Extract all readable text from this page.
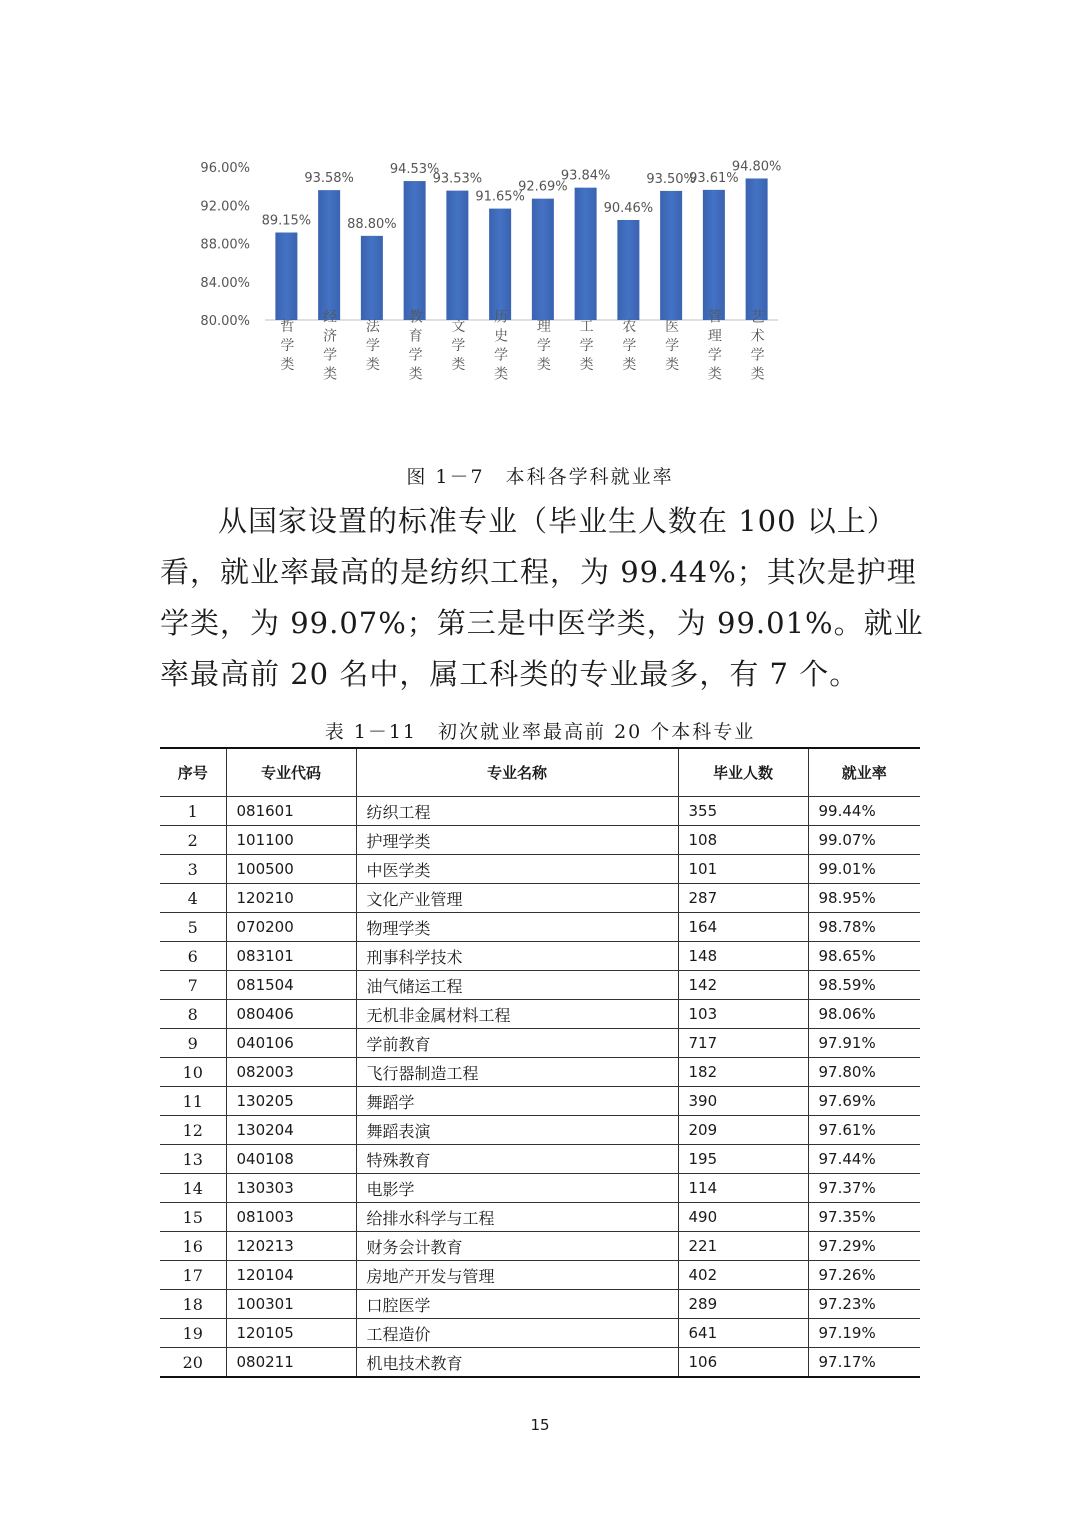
80.00%
84.00%
88.00%
92.00%
96.00%
89.15%
哲学类
93.58%
经济学类
88.80%
法学类
94.53%
教育学类
93.53%
文学类
91.65%
历史学类
92.69%
理学类
93.84%
工学类
90.46%
农学类
93.50%
医学类
93.61%
管理学类
94.80%
艺术学类
图 1－7　本科各学科就业率

从国家设置的标准专业（毕业生人数在 100 以上）看，就业率最高的是纺织工程，为 99.44%；其次是护理学类，为 99.07%；第三是中医学类，为 99.01%。就业率最高前 20 名中，属工科类的专业最多，有 7 个。

表 1－11　初次就业率最高前 20 个本科专业
序号	专业代码	专业名称	毕业人数	就业率
1	081601	纺织工程	355	99.44%
2	101100	护理学类	108	99.07%
3	100500	中医学类	101	99.01%
4	120210	文化产业管理	287	98.95%
5	070200	物理学类	164	98.78%
6	083101	刑事科学技术	148	98.65%
7	081504	油气储运工程	142	98.59%
8	080406	无机非金属材料工程	103	98.06%
9	040106	学前教育	717	97.91%
10	082003	飞行器制造工程	182	97.80%
11	130205	舞蹈学	390	97.69%
12	130204	舞蹈表演	209	97.61%
13	040108	特殊教育	195	97.44%
14	130303	电影学	114	97.37%
15	081003	给排水科学与工程	490	97.35%
16	120213	财务会计教育	221	97.29%
17	120104	房地产开发与管理	402	97.26%
18	100301	口腔医学	289	97.23%
19	120105	工程造价	641	97.19%
20	080211	机电技术教育	106	97.17%
15
